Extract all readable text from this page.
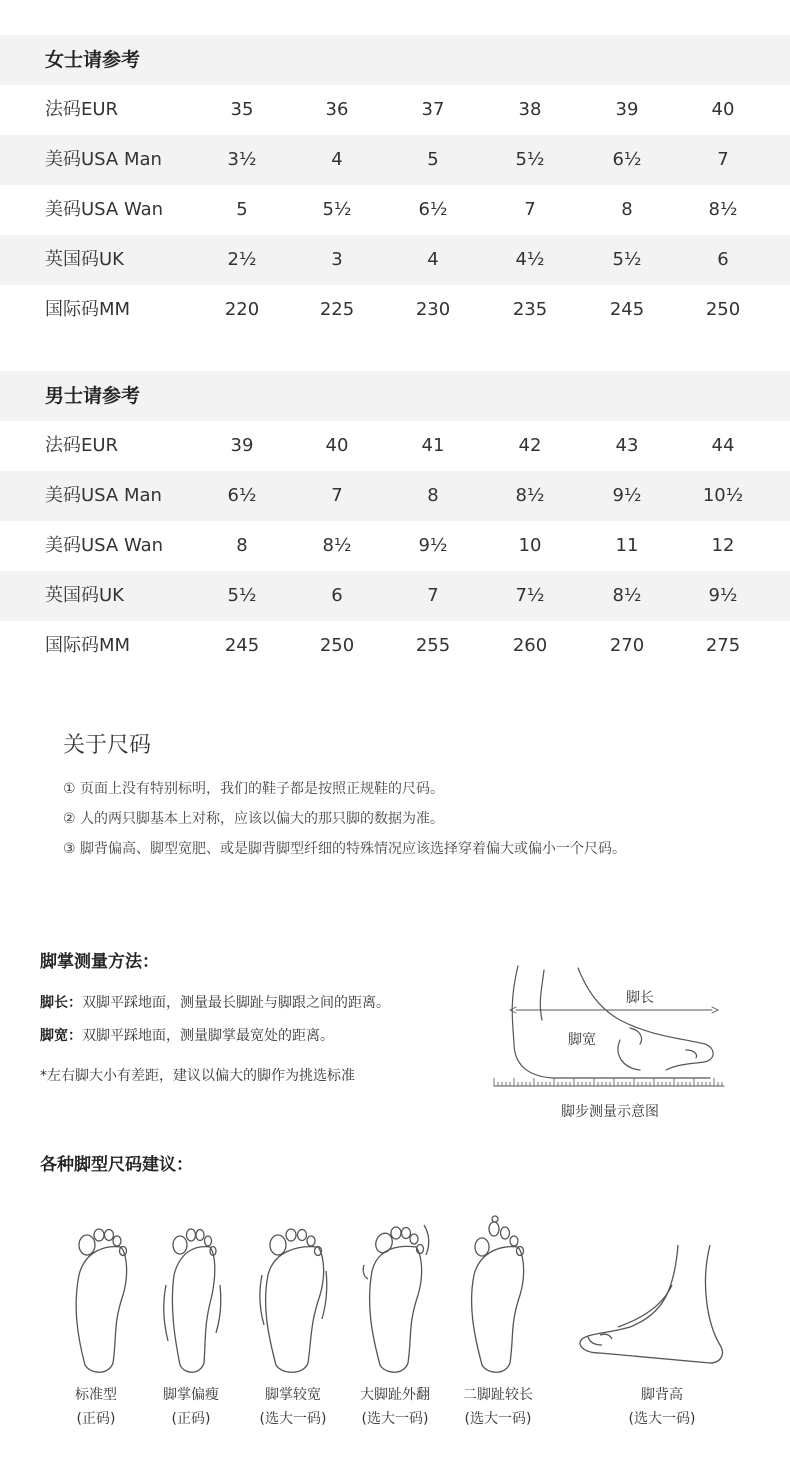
女士请参考
法码EUR	35	36	37	38	39	40
美码USA Man	3½	4	5	5½	6½	7
美码USA Wan	5	5½	6½	7	8	8½
英国码UK	2½	3	4	4½	5½	6
国际码MM	220	225	230	235	245	250
男士请参考
法码EUR	39	40	41	42	43	44
美码USA Man	6½	7	8	8½	9½	10½
美码USA Wan	8	8½	9½	10	11	12
英国码UK	5½	6	7	7½	8½	9½
国际码MM	245	250	255	260	270	275
关于尺码
① 页面上没有特别标明，我们的鞋子都是按照正规鞋的尺码。
② 人的两只脚基本上对称，应该以偏大的那只脚的数据为准。
③ 脚背偏高、脚型宽肥、或是脚背脚型纤细的特殊情况应该选择穿着偏大或偏小一个尺码。
脚掌测量方法：
脚长：双脚平踩地面，测量最长脚趾与脚跟之间的距离。
脚宽：双脚平踩地面，测量脚掌最宽处的距离。
*左右脚大小有差距，建议以偏大的脚作为挑选标准
脚长
脚宽
脚步测量示意图
各种脚型尺码建议：
标准型
(正码)
脚掌偏瘦
(正码)
脚掌较宽
(选大一码)
大脚趾外翻
(选大一码)
二脚趾较长
(选大一码)
脚背高
(选大一码)
